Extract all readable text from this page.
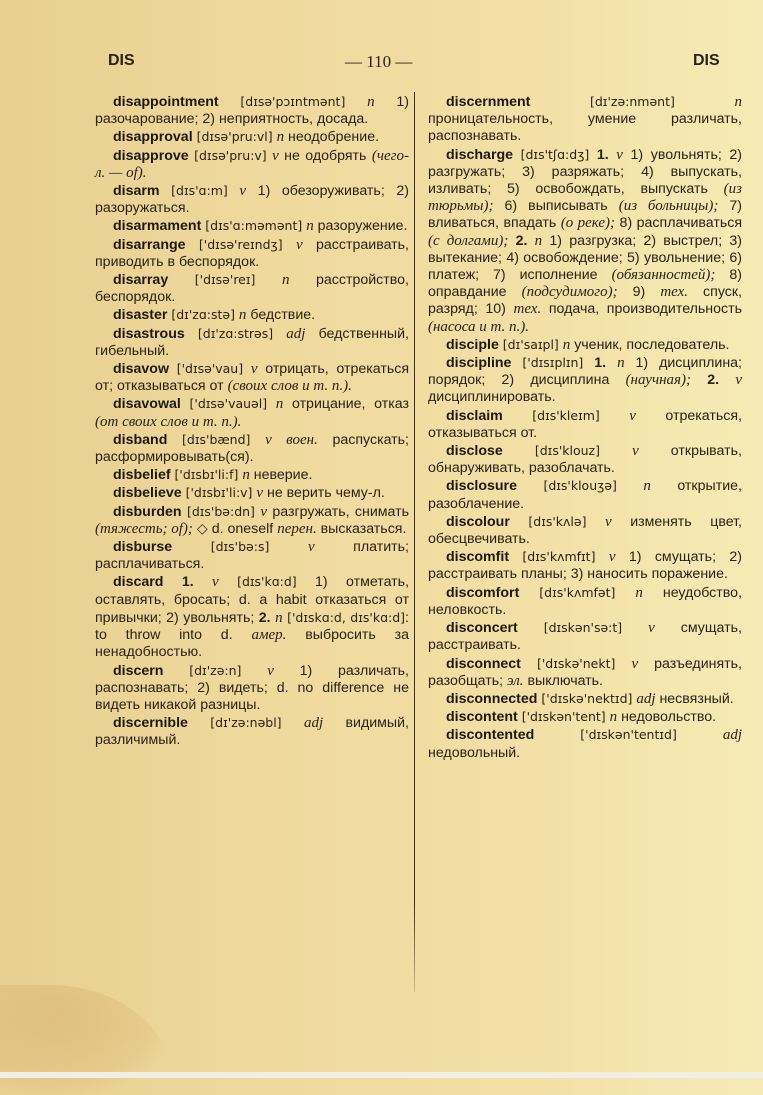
DIS	— 110 —	DIS

disappointment [dɪsə'pɔɪntmənt] n 1) разочарование; 2) неприятность, досада.

disapproval [dɪsə'pru:vl] n неодобрение.

disapprove [dɪsə'pru:v] v не одобрять (чего-л. — of).

disarm [dɪs'ɑ:m] v 1) обезоруживать; 2) разоружаться.

disarmament [dɪs'ɑ:məmənt] n разоружение.

disarrange ['dɪsə'reɪndʒ] v расстраивать, приводить в беспорядок.

disarray ['dɪsə'reɪ] n расстройство, беспорядок.

disaster [dɪ'zɑ:stə] n бедствие.

disastrous [dɪ'zɑ:strəs] adj бедственный, гибельный.

disavow ['dɪsə'vau] v отрицать, отрекаться от; отказываться от (своих слов и т. п.).

disavowal ['dɪsə'vauəl] n отрицание, отказ (от своих слов и т. п.).

disband [dɪs'bænd] v воен. распускать; расформировывать(ся).

disbelief ['dɪsbɪ'li:f] n неверие.

disbelieve ['dɪsbɪ'li:v] v не верить чему-л.

disburden [dɪs'bə:dn] v разгружать, снимать (тяжесть; of); ◇ d. oneself перен. высказаться.

disburse	[dɪs'bə:s]	v платить; расплачиваться.

discard 1. v [dɪs'kɑ:d] 1) отметать, оставлять, бросать; d. a habit отказаться от привычки; 2) увольнять; 2. n ['dɪskɑ:d, dɪs'kɑ:d]: to throw into d. амер. выбросить за ненадобностью.

discern [dɪ'zə:n] v 1) различать, распознавать; 2) видеть; d. no difference не видеть никакой разницы.

discernible [dɪ'zə:nəbl] adj видимый, различимый.

discernment	[dɪ'zə:nmənt]	n проницательность, умение различать, распознавать.

discharge [dɪs'tʃɑ:dʒ] 1. v 1) увольнять; 2) разгружать; 3) разряжать; 4) выпускать, изливать; 5) освобождать, выпускать (из тюрьмы); 6) выписывать (из больницы); 7) вливаться, впадать (о реке); 8) расплачиваться (с долгами); 2. n 1) разгрузка; 2) выстрел; 3) вытекание; 4) освобождение; 5) увольнение; 6) платеж; 7) исполнение (обязанностей); 8) оправдание (подсудимого); 9) тех. спуск, разряд; 10) тех. подача, производительность (насоса и т. п.).

disciple [dɪ'saɪpl] n ученик, последователь.

discipline ['dɪsɪplɪn] 1. n 1) дисциплина; порядок; 2) дисциплина (научная); 2. v дисциплинировать.

disclaim [dɪs'kleɪm] v отрекаться, отказываться от.

disclose	[dɪs'klouz] v открывать, обнаруживать, разоблачать.

disclosure [dɪs'klouʒə] n открытие, разоблачение.

discolour [dɪs'kʌlə] v изменять цвет, обесцвечивать.

discomfit [dɪs'kʌmfɪt] v 1) смущать; 2) расстраивать планы; 3) наносить поражение.

discomfort [dɪs'kʌmfət] n неудобство, неловкость.

disconcert [dɪskən'sə:t] v смущать, расстраивать.

disconnect ['dɪskə'nekt] v разъединять, разобщать; эл. выключать.

disconnected ['dɪskə'nektɪd] adj несвязный.

discontent ['dɪskən'tent] n недовольство.

discontented	['dɪskən'tentɪd]	adj недовольный.
